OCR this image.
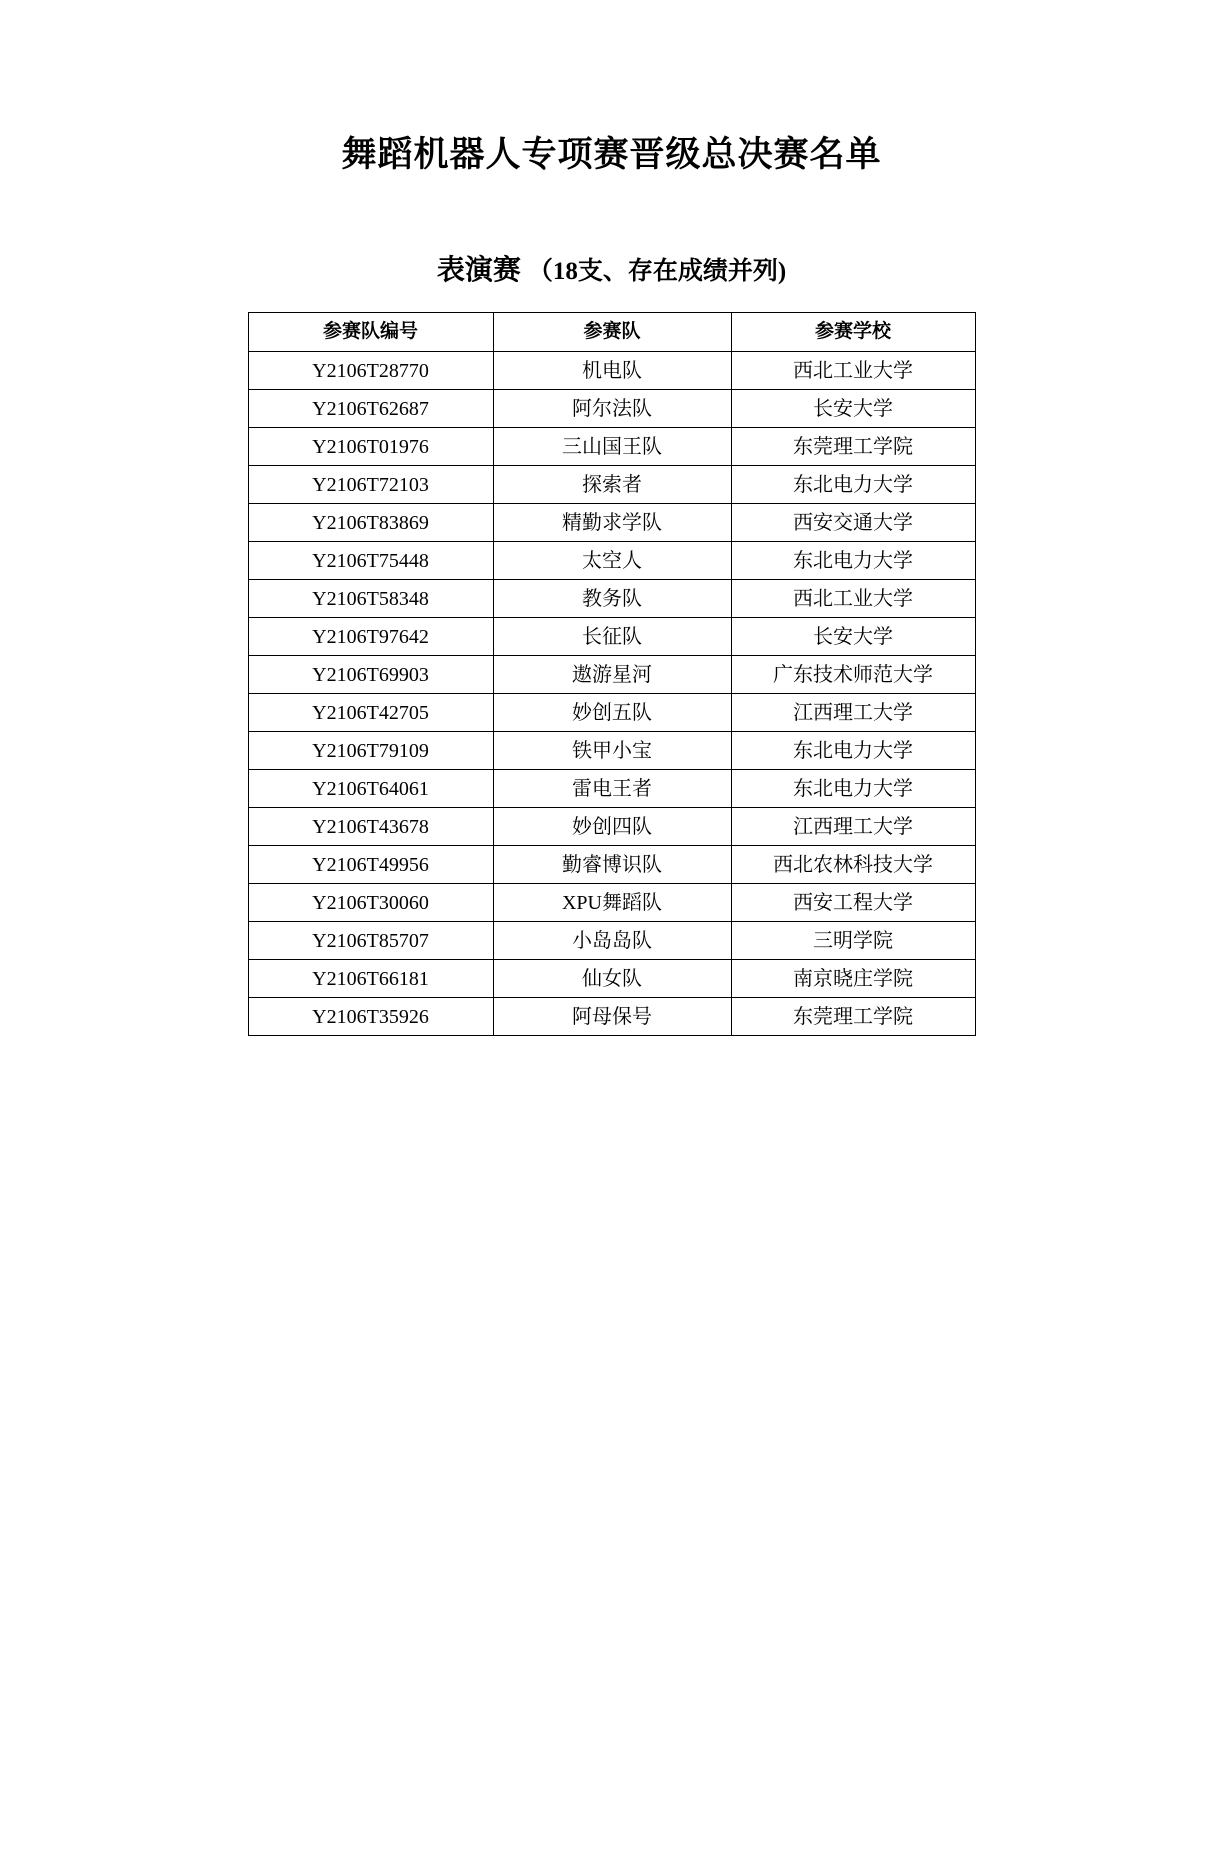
舞蹈机器人专项赛晋级总决赛名单
表演赛 （18支、存在成绩并列)
参赛队编号	参赛队	参赛学校
Y2106T28770	机电队	西北工业大学
Y2106T62687	阿尔法队	长安大学
Y2106T01976	三山国王队	东莞理工学院
Y2106T72103	探索者	东北电力大学
Y2106T83869	精勤求学队	西安交通大学
Y2106T75448	太空人	东北电力大学
Y2106T58348	教务队	西北工业大学
Y2106T97642	长征队	长安大学
Y2106T69903	遨游星河	广东技术师范大学
Y2106T42705	妙创五队	江西理工大学
Y2106T79109	铁甲小宝	东北电力大学
Y2106T64061	雷电王者	东北电力大学
Y2106T43678	妙创四队	江西理工大学
Y2106T49956	勤睿博识队	西北农林科技大学
Y2106T30060	XPU舞蹈队	西安工程大学
Y2106T85707	小岛岛队	三明学院
Y2106T66181	仙女队	南京晓庄学院
Y2106T35926	阿母保号	东莞理工学院
